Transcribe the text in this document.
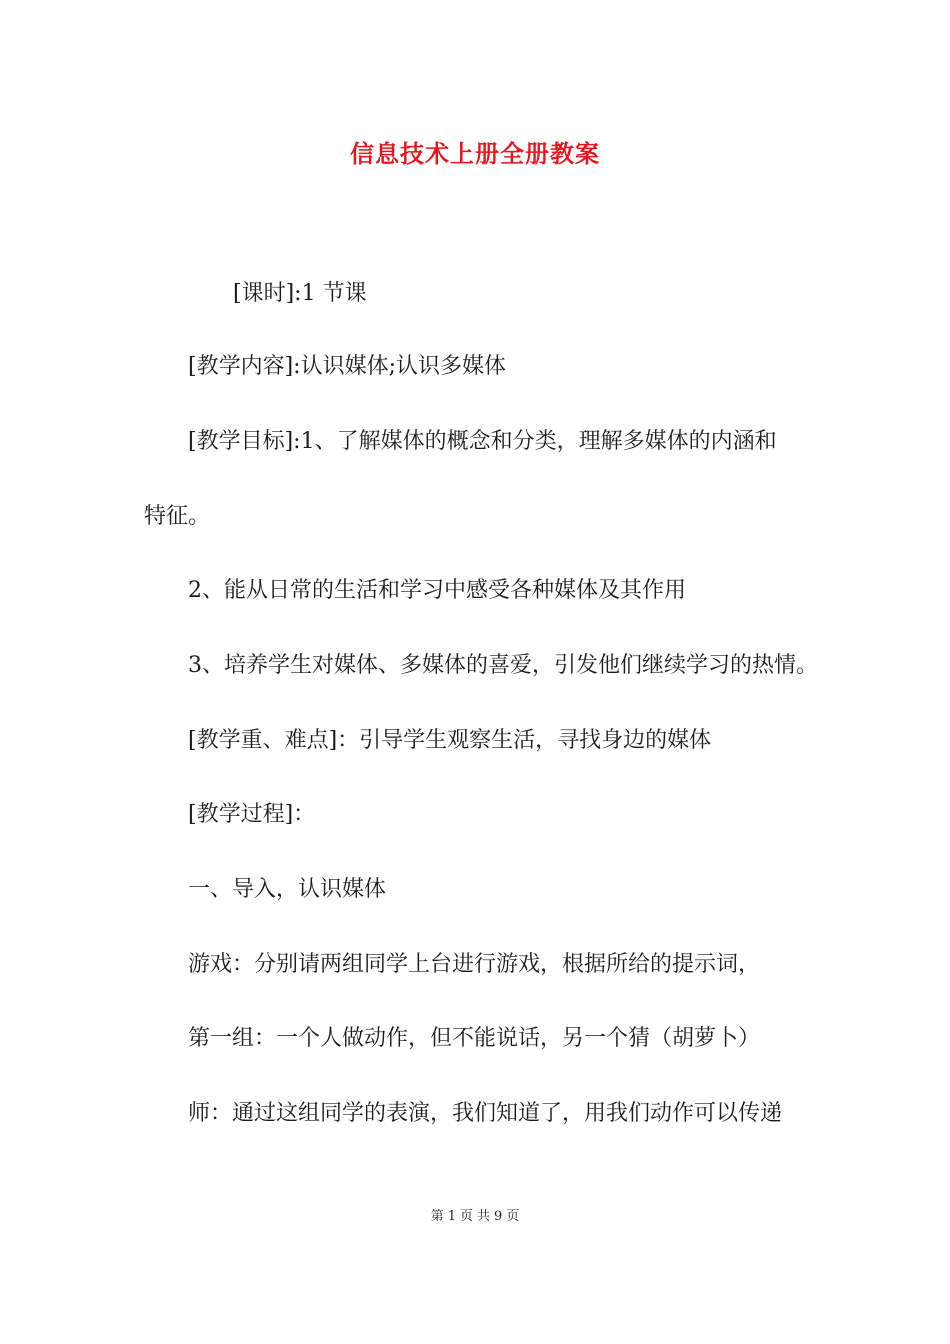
信息技术上册全册教案
[课时]:1 节课
[教学内容]:认识媒体;认识多媒体
[教学目标]:1、了解媒体的概念和分类，理解多媒体的内涵和
特征。
2、能从日常的生活和学习中感受各种媒体及其作用
3、培养学生对媒体、多媒体的喜爱，引发他们继续学习的热情。
[教学重、难点]：引导学生观察生活，寻找身边的媒体
[教学过程]：
一、导入，认识媒体
游戏：分别请两组同学上台进行游戏，根据所给的提示词，
第一组：一个人做动作，但不能说话，另一个猜（胡萝卜）
师：通过这组同学的表演，我们知道了，用我们动作可以传递
第 1 页 共 9 页
